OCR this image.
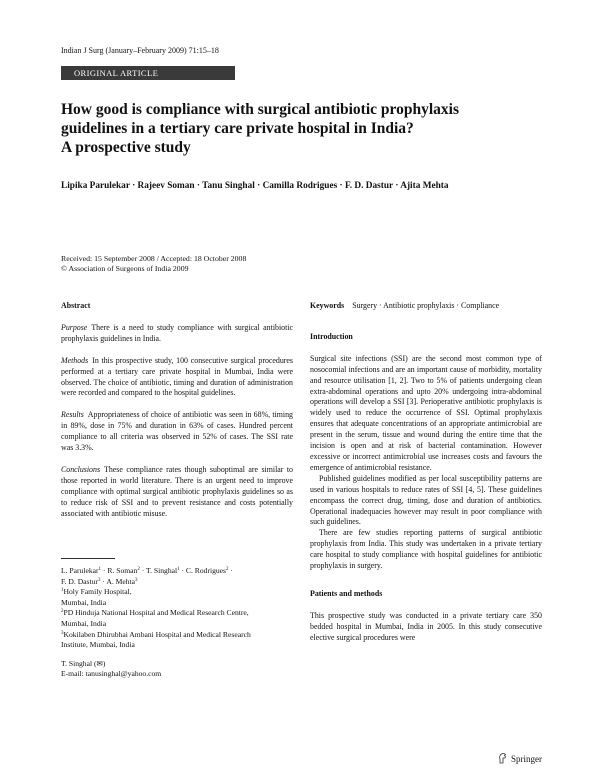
Indian J Surg (January–February 2009) 71:15–18
ORIGINAL ARTICLE
How good is compliance with surgical antibiotic prophylaxis
guidelines in a tertiary care private hospital in India?
A prospective study
Lipika Parulekar · Rajeev Soman · Tanu Singhal · Camilla Rodrigues · F. D. Dastur · Ajita Mehta
Received: 15 September 2008 / Accepted: 18 October 2008
© Association of Surgeons of India 2009
Abstract

Purpose There is a need to study compliance with surgical antibiotic prophylaxis guidelines in India.

Methods In this prospective study, 100 consecutive surgical procedures performed at a tertiary care private hospital in Mumbai, India were observed. The choice of antibiotic, timing and duration of administration were recorded and compared to the hospital guidelines.

Results Appropriateness of choice of antibiotic was seen in 68%, timing in 89%, dose in 75% and duration in 63% of cases. Hundred percent compliance to all criteria was observed in 52% of cases. The SSI rate was 3.3%.

Conclusions These compliance rates though suboptimal are similar to those reported in world literature. There is an urgent need to improve compliance with optimal surgical antibiotic prophylaxis guidelines so as to reduce risk of SSI and to prevent resistance and costs potentially associated with antibiotic misuse.

L. Parulekar$^1$ · R. Soman$^2$ · T. Singhal$^1$ · C. Rodrigues$^2$ ·
F. D. Dastur$^3$ · A. Mehta$^3$
$^1$Holy Family Hospital,
Mumbai, India
$^2$PD Hinduja National Hospital and Medical Research Centre,
Mumbai, India
$^3$Kokilaben Dhirubhai Ambani Hospital and Medical Research
Institute, Mumbai, India
T. Singhal (✉)
E-mail: tanusinghal@yahoo.com

Keywords Surgery · Antibiotic prophylaxis · Compliance

Introduction

Surgical site infections (SSI) are the second most common type of nosocomial infections and are an important cause of morbidity, mortality and resource utilisation [1, 2]. Two to 5% of patients undergoing clean extra-abdominal operations and upto 20% undergoing intra-abdominal operations will develop a SSI [3]. Perioperative antibiotic prophylaxis is widely used to reduce the occurrence of SSI. Optimal prophylaxis ensures that adequate concentrations of an appropriate antimicrobial are present in the serum, tissue and wound during the entire time that the incision is open and at risk of bacterial contamination. However excessive or incorrect antimicrobial use increases costs and favours the emergence of antimicrobial resistance.

Published guidelines modified as per local susceptibility patterns are used in various hospitals to reduce rates of SSI [4, 5]. These guidelines encompass the correct drug, timing, dose and duration of antibiotics. Operational inadequacies however may result in poor compliance with such guidelines.

There are few studies reporting patterns of surgical antibiotic prophylaxis from India. This study was undertaken in a private tertiary care hospital to study compliance with hospital guidelines for antibiotic prophylaxis in surgery.

Patients and methods

This prospective study was conducted in a private tertiary care 350 bedded hospital in Mumbai, India in 2005. In this study consecutive elective surgical procedures were

Springer
